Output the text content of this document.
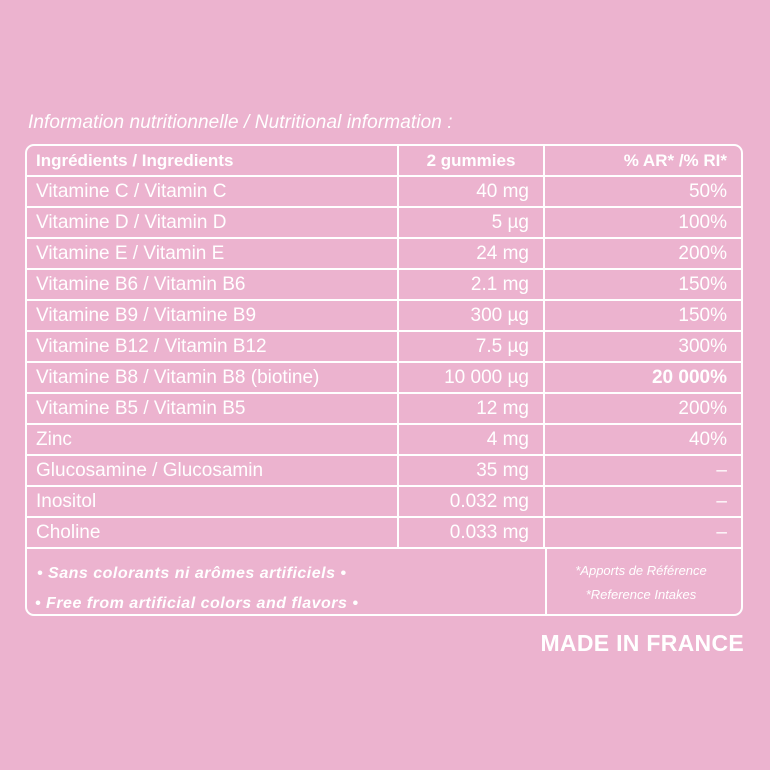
Information nutritionnelle / Nutritional information :
Ingrédients / Ingredients	2 gummies	% AR* /% RI*
Vitamine C / Vitamin C	40 mg	50%
Vitamine D / Vitamin D	5 µg	100%
Vitamine E / Vitamin E	24 mg	200%
Vitamine B6 / Vitamin B6	2.1 mg	150%
Vitamine B9 / Vitamine B9	300 µg	150%
Vitamine B12 / Vitamin B12	7.5 µg	300%
Vitamine B8 / Vitamin B8 (biotine)	10 000 µg	20 000%
Vitamine B5 / Vitamin B5	12 mg	200%
Zinc	4 mg	40%
Glucosamine / Glucosamin	35 mg	–
Inositol	0.032 mg	–
Choline	0.033 mg	–
• Sans colorants ni arômes artificiels •
• Free from artificial colors and flavors •
*Apports de Référence
*Reference Intakes
MADE IN FRANCE
